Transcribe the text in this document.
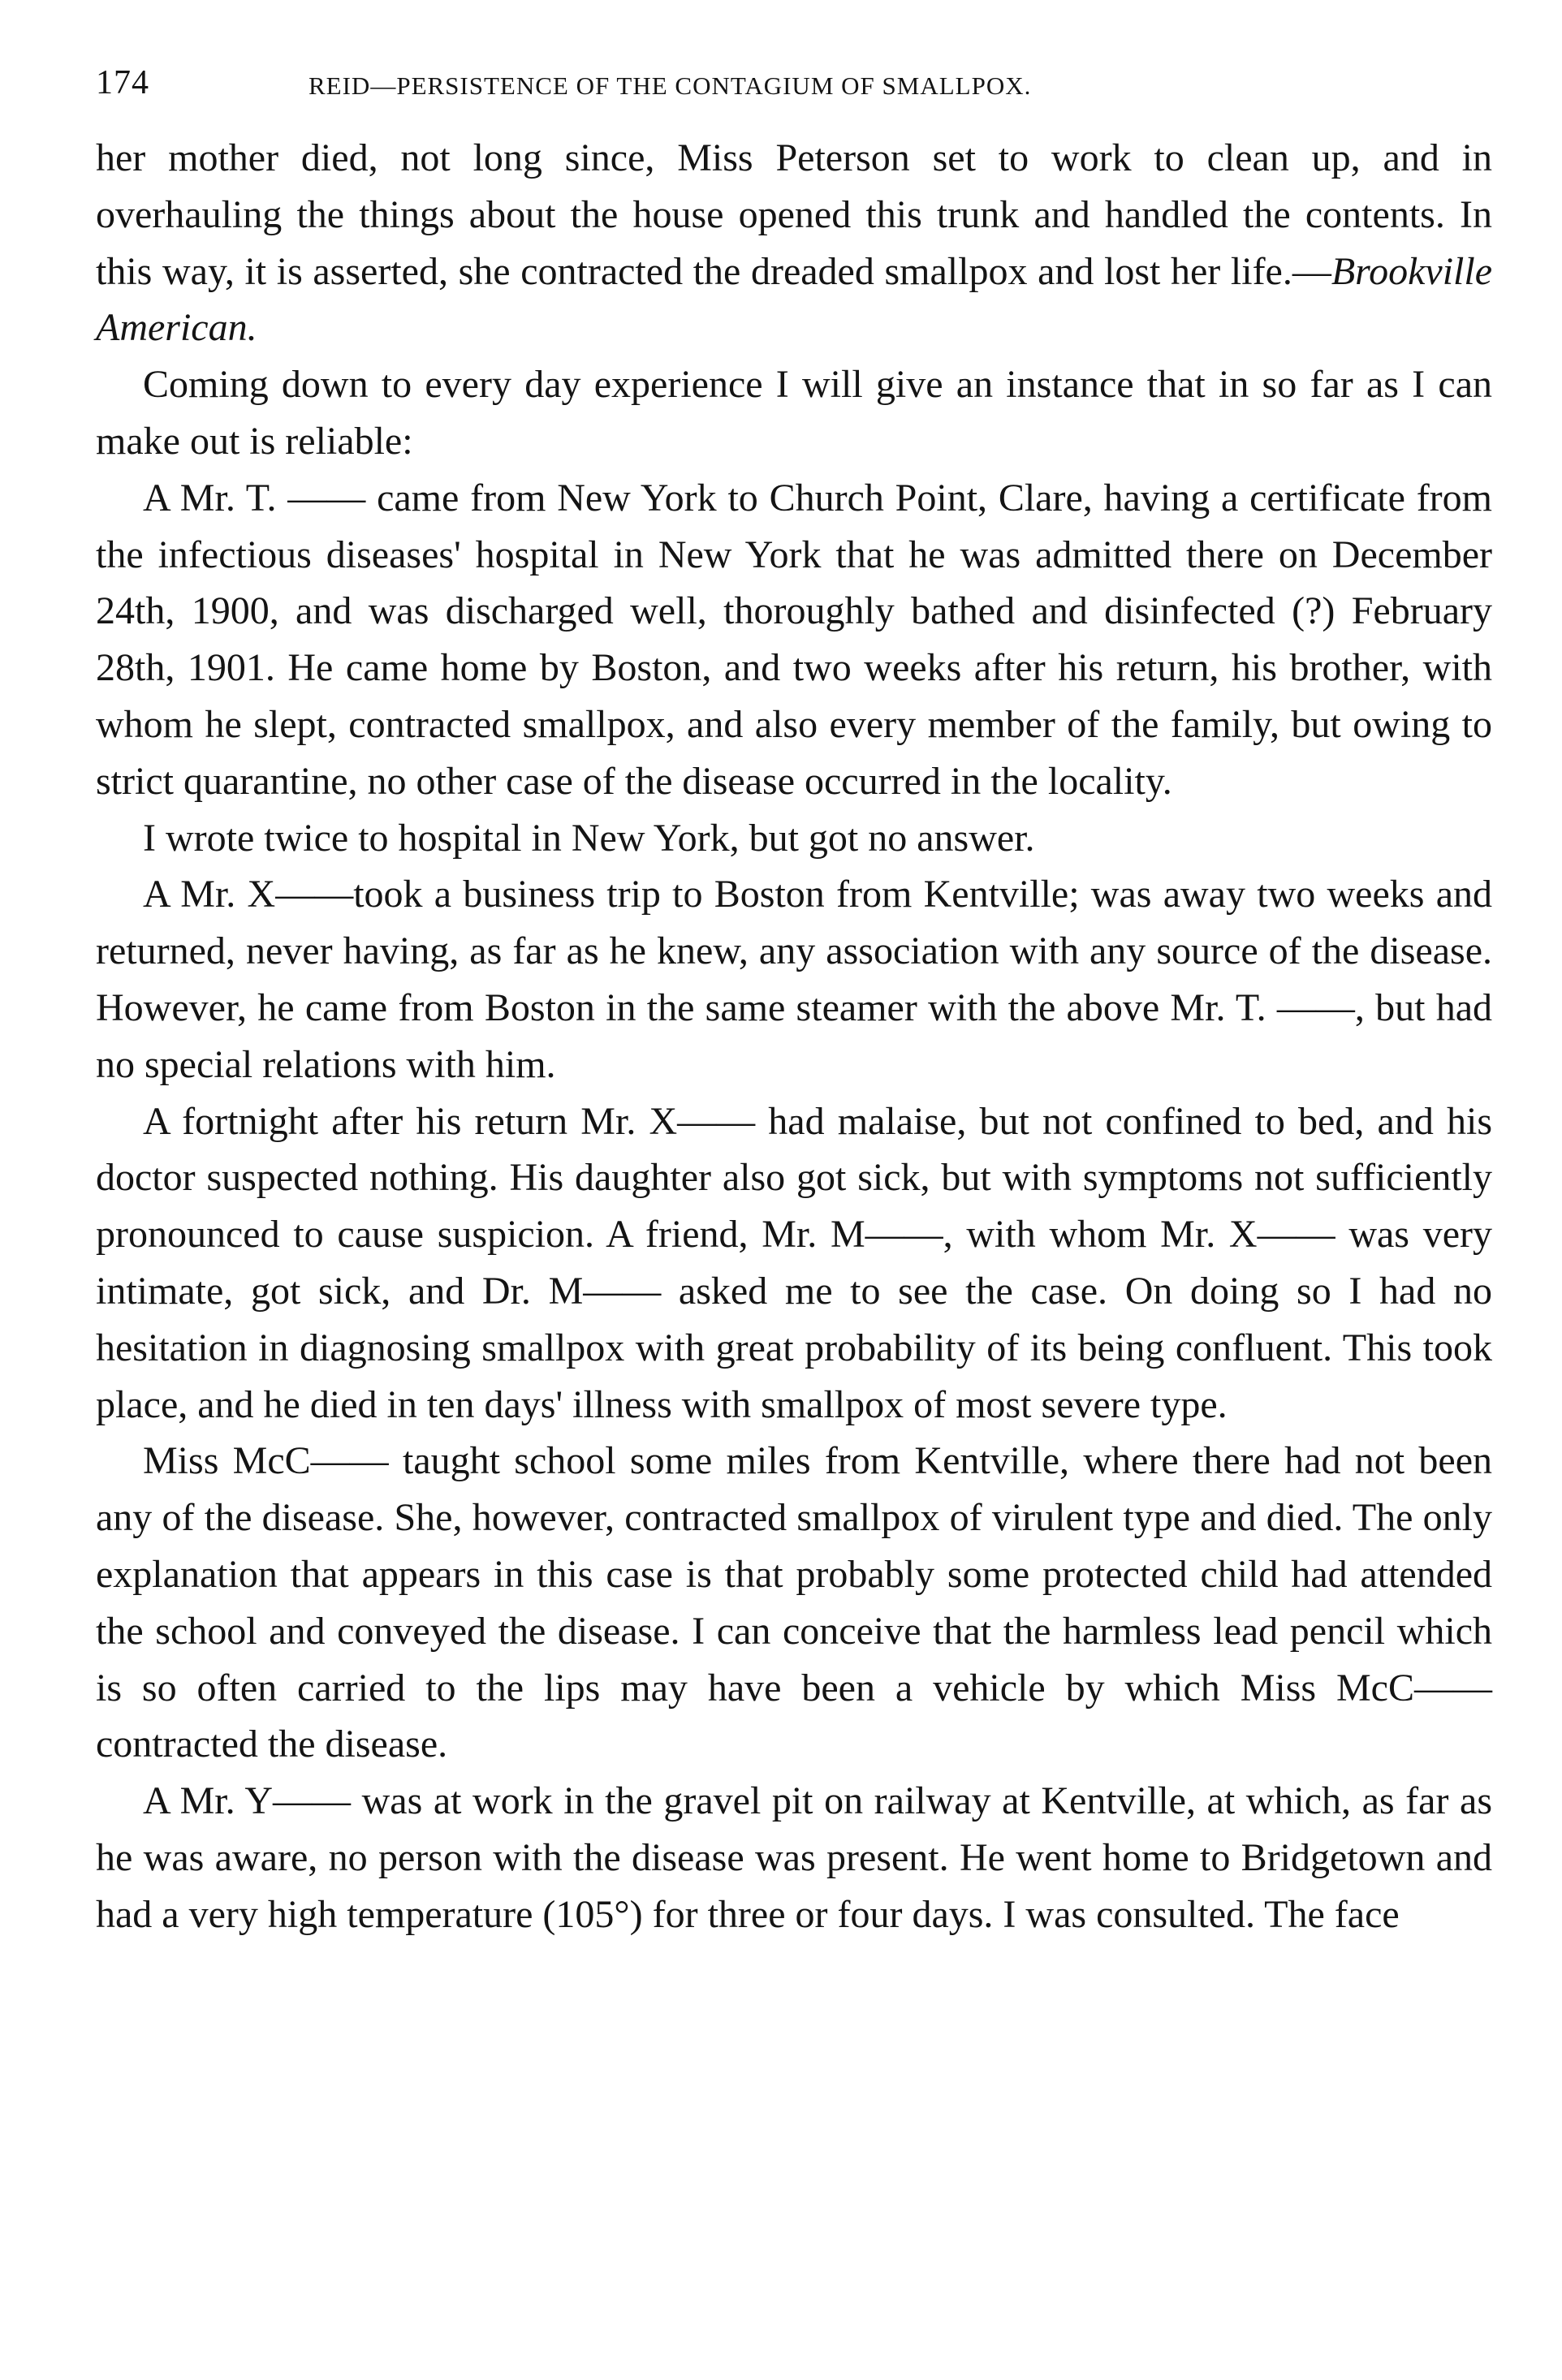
174	REID—PERSISTENCE OF THE CONTAGIUM OF SMALLPOX.

her mother died, not long since, Miss Peterson set to work to clean up, and in overhauling the things about the house opened this trunk and handled the contents. In this way, it is asserted, she contracted the dreaded smallpox and lost her life.—Brookville American.

Coming down to every day experience I will give an instance that in so far as I can make out is reliable:

A Mr. T. —— came from New York to Church Point, Clare, having a certificate from the infectious diseases' hospital in New York that he was admitted there on December 24th, 1900, and was discharged well, thoroughly bathed and disinfected (?) February 28th, 1901. He came home by Boston, and two weeks after his return, his brother, with whom he slept, contracted smallpox, and also every member of the family, but owing to strict quarantine, no other case of the disease occurred in the locality.

I wrote twice to hospital in New York, but got no answer.

A Mr. X——took a business trip to Boston from Kentville; was away two weeks and returned, never having, as far as he knew, any association with any source of the disease. However, he came from Boston in the same steamer with the above Mr. T. ——, but had no special relations with him.

A fortnight after his return Mr. X—— had malaise, but not confined to bed, and his doctor suspected nothing. His daughter also got sick, but with symptoms not sufficiently pronounced to cause suspicion. A friend, Mr. M——, with whom Mr. X—— was very intimate, got sick, and Dr. M—— asked me to see the case. On doing so I had no hesitation in diagnosing smallpox with great probability of its being confluent. This took place, and he died in ten days' illness with smallpox of most severe type.

Miss McC—— taught school some miles from Kentville, where there had not been any of the disease. She, however, contracted smallpox of virulent type and died. The only explanation that appears in this case is that probably some protected child had attended the school and conveyed the disease. I can conceive that the harmless lead pencil which is so often carried to the lips may have been a vehicle by which Miss McC—— contracted the disease.

A Mr. Y—— was at work in the gravel pit on railway at Kentville, at which, as far as he was aware, no person with the disease was present. He went home to Bridgetown and had a very high temperature (105°) for three or four days. I was consulted. The face
